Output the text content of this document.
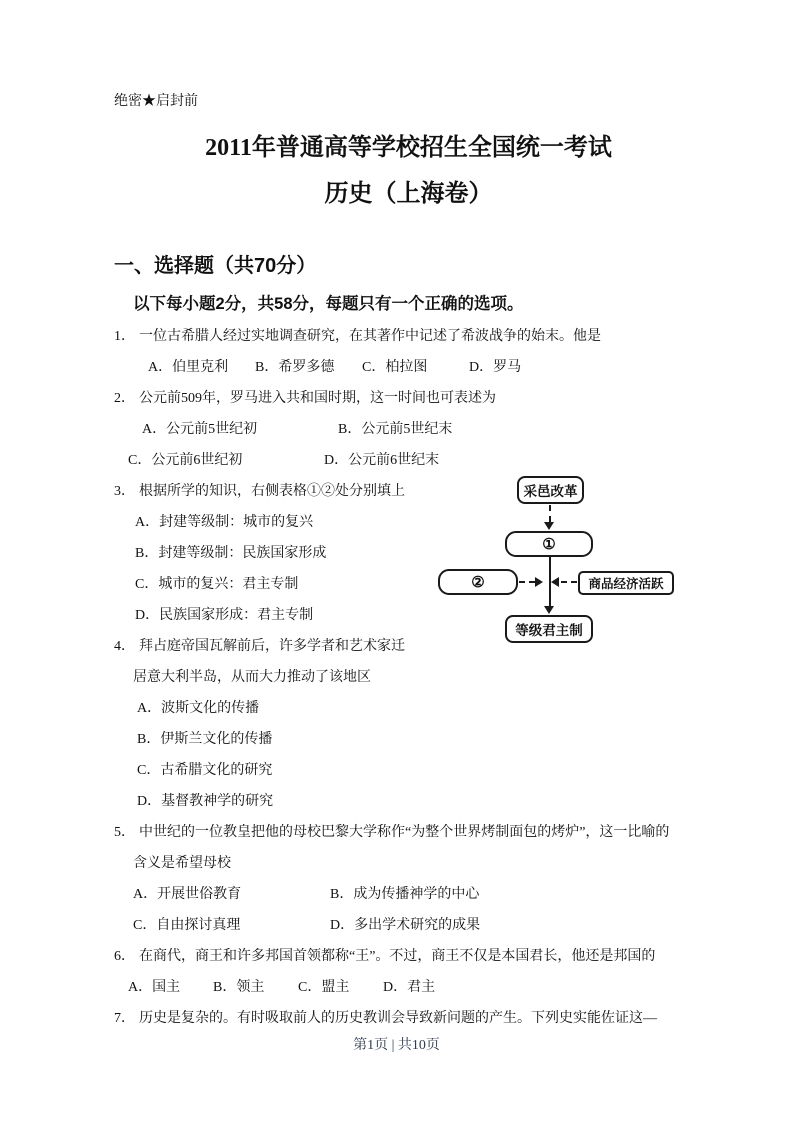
绝密★启封前
2011年普通高等学校招生全国统一考试
历史（上海卷）
一、选择题（共70分）
以下每小题2分，共58分，每题只有一个正确的选项。
1． 一位古希腊人经过实地调查研究，在其著作中记述了希波战争的始末。他是
A．伯里克利 B．希罗多德 C．柏拉图	D．罗马
2． 公元前509年，罗马进入共和国时期，这一时间也可表述为
A．公元前5世纪初	B．公元前5世纪末
C．公元前6世纪初	D．公元前6世纪末
3． 根据所学的知识，右侧表格①②处分别填上
A．封建等级制：城市的复兴
B．封建等级制：民族国家形成
C．城市的复兴：君主专制
D．民族国家形成：君主专制
4． 拜占庭帝国瓦解前后，许多学者和艺术家迁
居意大利半岛，从而大力推动了该地区
采邑改革
①
②	商品经济活跃
等级君主制
A．波斯文化的传播
B．伊斯兰文化的传播
C．古希腊文化的研究
D．基督教神学的研究
5． 中世纪的一位教皇把他的母校巴黎大学称作“为整个世界烤制面包的烤炉”，这一比喻的
含义是希望母校
A．开展世俗教育	B．成为传播神学的中心
C．自由探讨真理	D．多出学术研究的成果
6． 在商代，商王和许多邦国首领都称“王”。不过，商王不仅是本国君长，他还是邦国的
A．国主 B．领主 C．盟主 D．君主
7． 历史是复杂的。有时吸取前人的历史教训会导致新问题的产生。下列史实能佐证这—
第1页 | 共10页
